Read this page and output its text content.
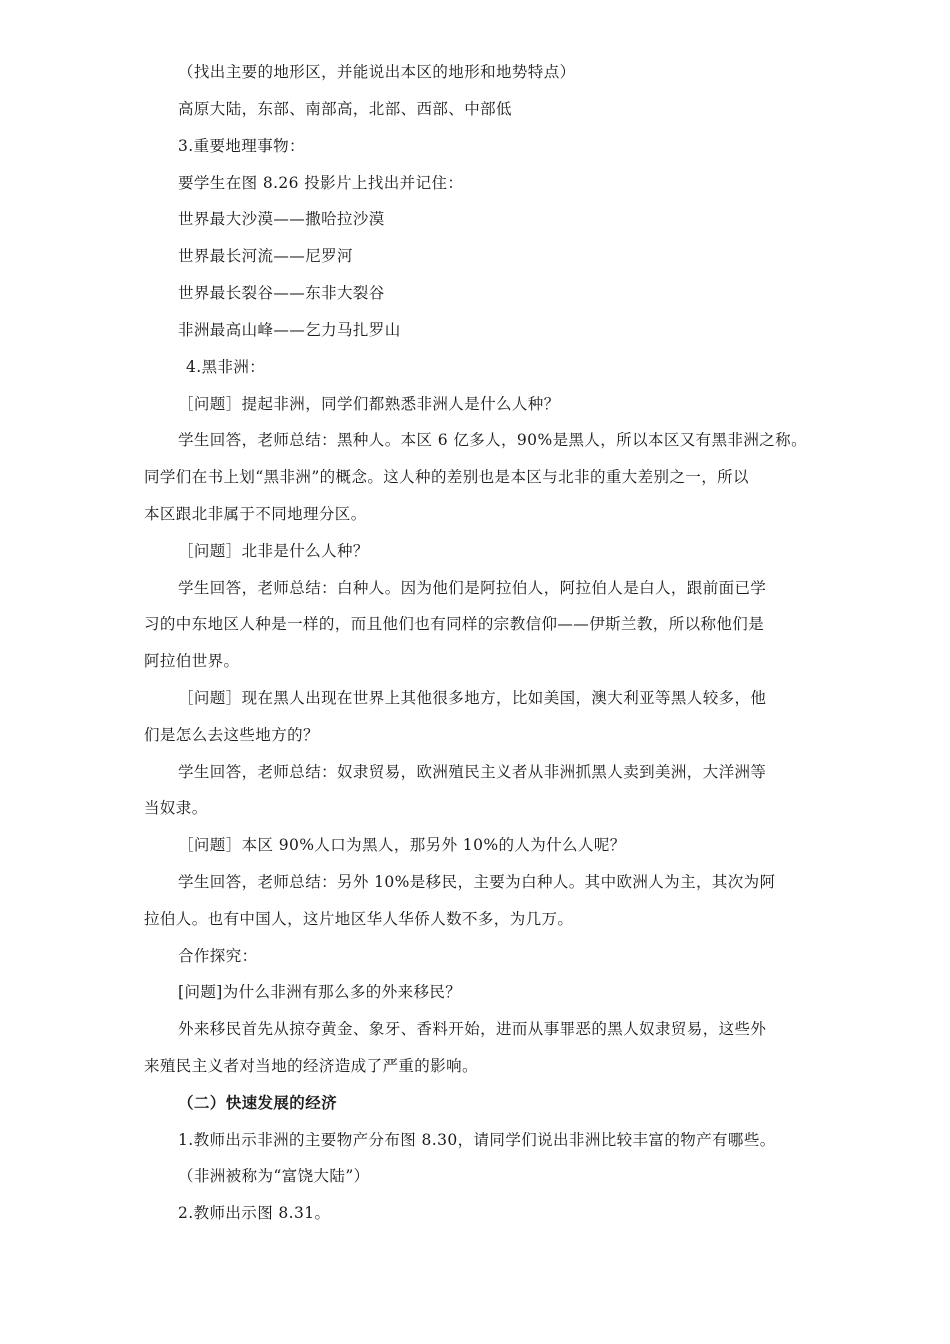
（找出主要的地形区，并能说出本区的地形和地势特点）
高原大陆，东部、南部高，北部、西部、中部低
3.重要地理事物：
要学生在图 8.26 投影片上找出并记住：
世界最大沙漠——撒哈拉沙漠
世界最长河流——尼罗河
世界最长裂谷——东非大裂谷
非洲最高山峰——乞力马扎罗山
4.黑非洲：
［问题］提起非洲，同学们都熟悉非洲人是什么人种？
学生回答，老师总结：黑种人。本区 6 亿多人，90%是黑人，所以本区又有黑非洲之称。
同学们在书上划“黑非洲”的概念。这人种的差别也是本区与北非的重大差别之一，所以
本区跟北非属于不同地理分区。
［问题］北非是什么人种？
学生回答，老师总结：白种人。因为他们是阿拉伯人，阿拉伯人是白人，跟前面已学
习的中东地区人种是一样的，而且他们也有同样的宗教信仰——伊斯兰教，所以称他们是
阿拉伯世界。
［问题］现在黑人出现在世界上其他很多地方，比如美国，澳大利亚等黑人较多，他
们是怎么去这些地方的？
学生回答，老师总结：奴隶贸易，欧洲殖民主义者从非洲抓黑人卖到美洲，大洋洲等
当奴隶。
［问题］本区 90%人口为黑人，那另外 10%的人为什么人呢？
学生回答，老师总结：另外 10%是移民，主要为白种人。其中欧洲人为主，其次为阿
拉伯人。也有中国人，这片地区华人华侨人数不多，为几万。
合作探究：
[问题]为什么非洲有那么多的外来移民？
外来移民首先从掠夺黄金、象牙、香料开始，进而从事罪恶的黑人奴隶贸易，这些外
来殖民主义者对当地的经济造成了严重的影响。
（二）快速发展的经济
1.教师出示非洲的主要物产分布图 8.30，请同学们说出非洲比较丰富的物产有哪些。
（非洲被称为“富饶大陆”）
2.教师出示图 8.31。
